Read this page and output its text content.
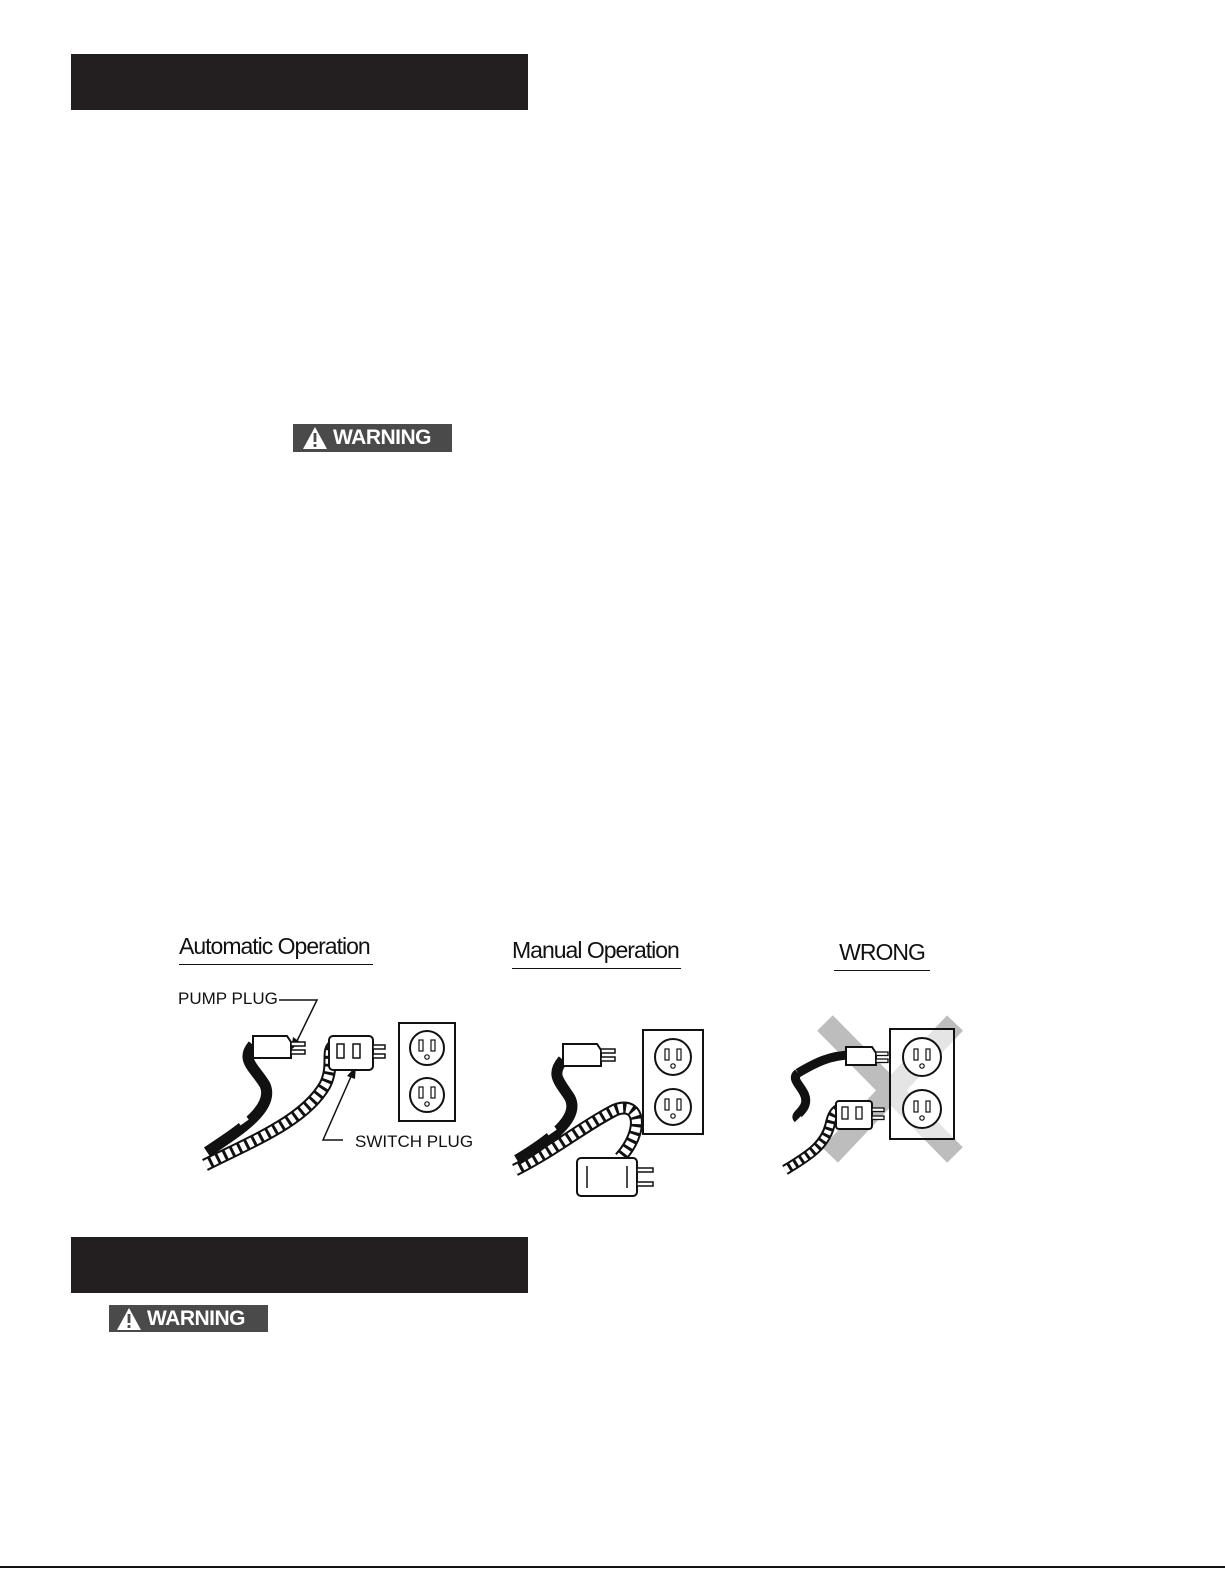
WARNING
Automatic Operation	Manual Operation	WRONG
PUMP PLUG
SWITCH PLUG
WARNING
